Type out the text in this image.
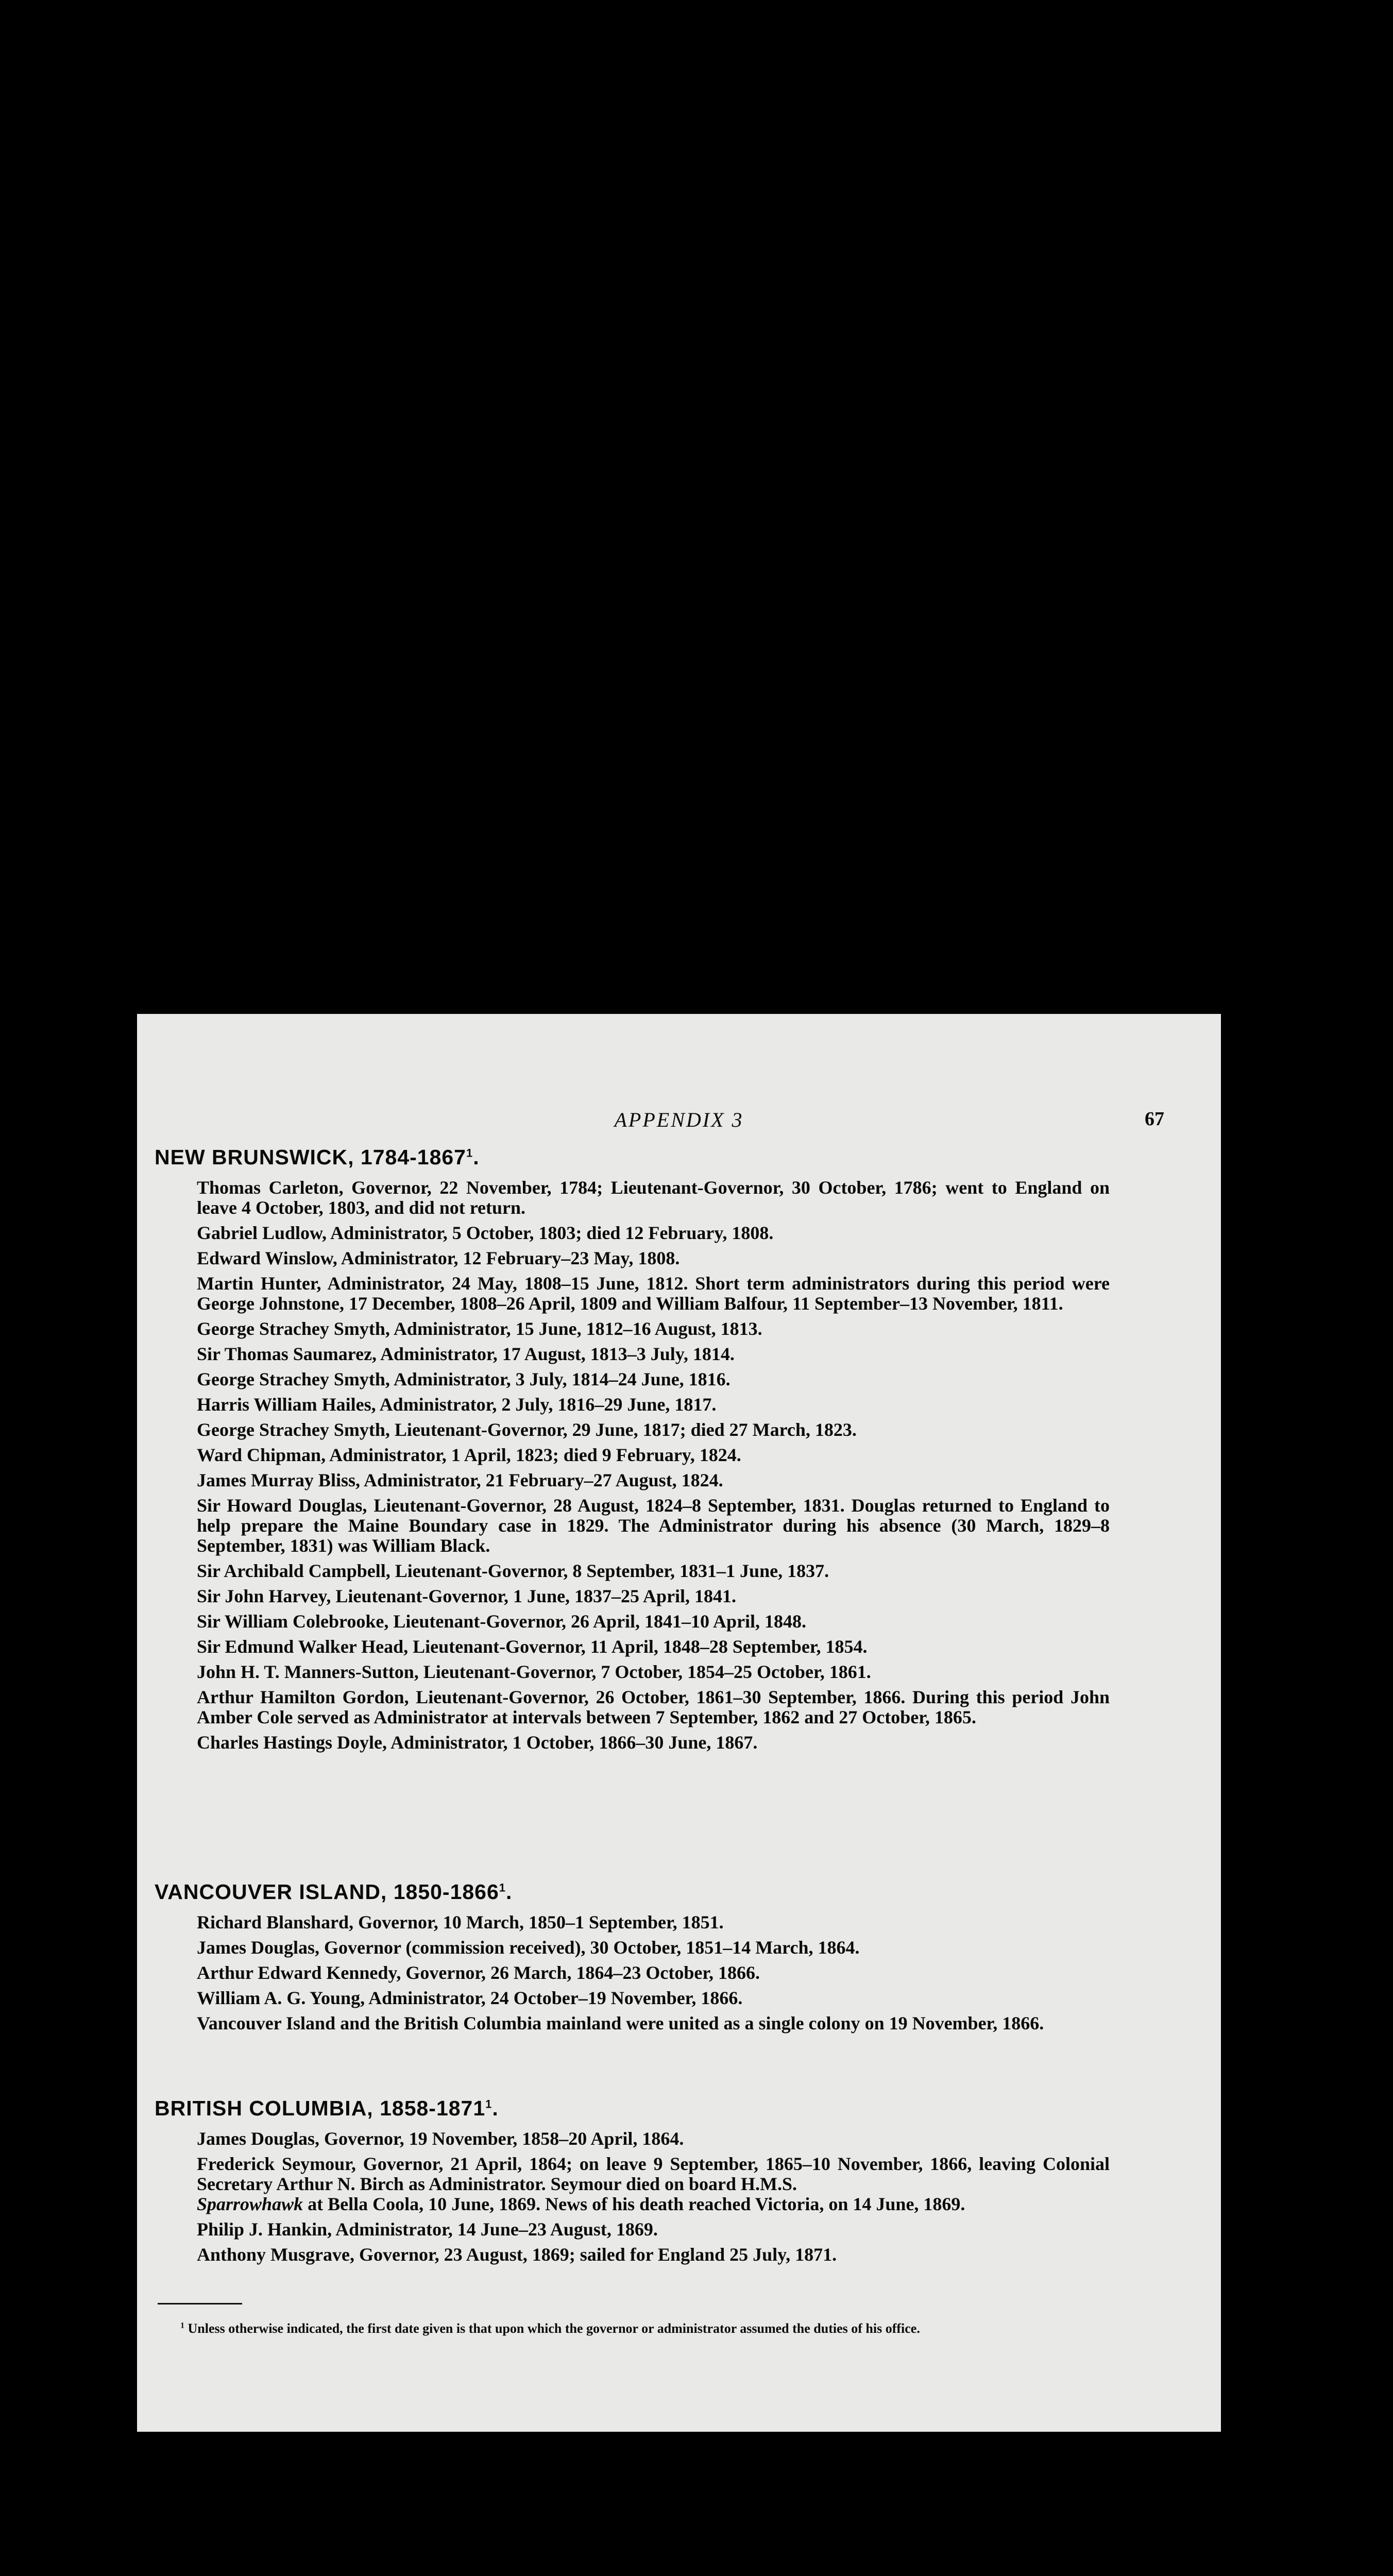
APPENDIX 3	67
NEW BRUNSWICK, 1784-1867$^1$.

Thomas Carleton, Governor, 22 November, 1784; Lieutenant-Governor, 30 October, 1786; went to England on leave 4 October, 1803, and did not return.

Gabriel Ludlow, Administrator, 5 October, 1803; died 12 February, 1808.

Edward Winslow, Administrator, 12 February–23 May, 1808.

Martin Hunter, Administrator, 24 May, 1808–15 June, 1812. Short term administrators during this period were George Johnstone, 17 December, 1808–26 April, 1809 and William Balfour, 11 September–13 November, 1811.

George Strachey Smyth, Administrator, 15 June, 1812–16 August, 1813.

Sir Thomas Saumarez, Administrator, 17 August, 1813–3 July, 1814.

George Strachey Smyth, Administrator, 3 July, 1814–24 June, 1816.

Harris William Hailes, Administrator, 2 July, 1816–29 June, 1817.

George Strachey Smyth, Lieutenant-Governor, 29 June, 1817; died 27 March, 1823.

Ward Chipman, Administrator, 1 April, 1823; died 9 February, 1824.

James Murray Bliss, Administrator, 21 February–27 August, 1824.

Sir Howard Douglas, Lieutenant-Governor, 28 August, 1824–8 September, 1831. Douglas returned to England to help prepare the Maine Boundary case in 1829. The Administrator during his absence (30 March, 1829–8 September, 1831) was William Black.

Sir Archibald Campbell, Lieutenant-Governor, 8 September, 1831–1 June, 1837.

Sir John Harvey, Lieutenant-Governor, 1 June, 1837–25 April, 1841.

Sir William Colebrooke, Lieutenant-Governor, 26 April, 1841–10 April, 1848.

Sir Edmund Walker Head, Lieutenant-Governor, 11 April, 1848–28 September, 1854.

John H. T. Manners-Sutton, Lieutenant-Governor, 7 October, 1854–25 October, 1861.

Arthur Hamilton Gordon, Lieutenant-Governor, 26 October, 1861–30 September, 1866. During this period John Amber Cole served as Administrator at intervals between 7 September, 1862 and 27 October, 1865.

Charles Hastings Doyle, Administrator, 1 October, 1866–30 June, 1867.

VANCOUVER ISLAND, 1850-1866$^1$.

Richard Blanshard, Governor, 10 March, 1850–1 September, 1851.

James Douglas, Governor (commission received), 30 October, 1851–14 March, 1864.

Arthur Edward Kennedy, Governor, 26 March, 1864–23 October, 1866.

William A. G. Young, Administrator, 24 October–19 November, 1866.

Vancouver Island and the British Columbia mainland were united as a single colony on 19 November, 1866.

BRITISH COLUMBIA, 1858-1871$^1$.

James Douglas, Governor, 19 November, 1858–20 April, 1864.

Frederick Seymour, Governor, 21 April, 1864; on leave 9 September, 1865–10 November, 1866, leaving Colonial Secretary Arthur N. Birch as Administrator. Seymour died on board H.M.S.

Sparrowhawk at Bella Coola, 10 June, 1869. News of his death reached Victoria, on 14 June, 1869.

Philip J. Hankin, Administrator, 14 June–23 August, 1869.

Anthony Musgrave, Governor, 23 August, 1869; sailed for England 25 July, 1871.

$^1$ Unless otherwise indicated, the first date given is that upon which the governor or administrator assumed the duties of his office.
